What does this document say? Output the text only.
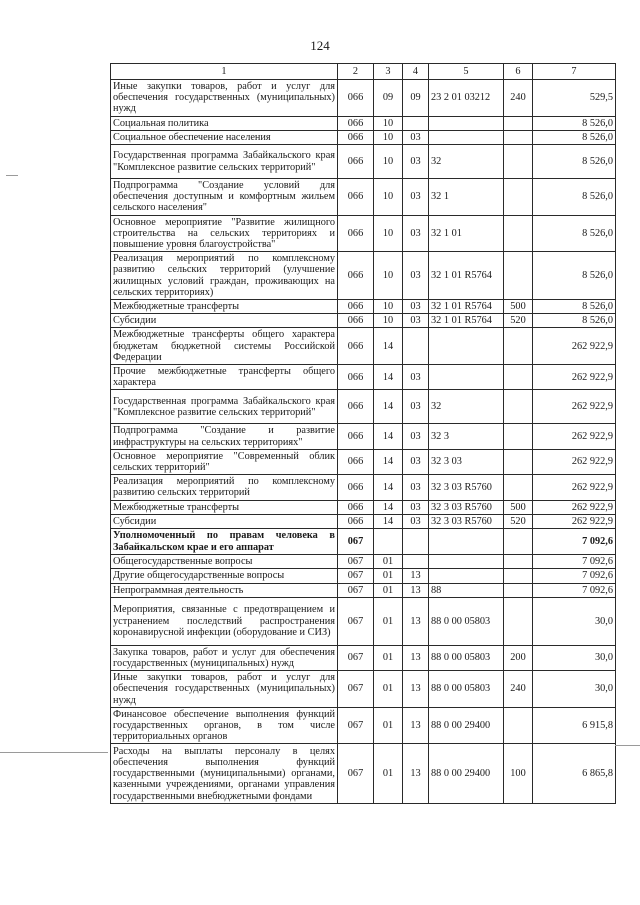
124
1	2	3	4	5	6	7
Иные закупки товаров, работ и услуг для обеспечения государственных (муниципальных) нужд	066	09	09	23 2 01 03212	240	529,5
Социальная политика	066	10				8 526,0
Социальное обеспечение населения	066	10	03			8 526,0
Государственная программа Забайкальского края "Комплексное развитие сельских территорий"	066	10	03	32		8 526,0
Подпрограмма "Создание условий для обеспечения доступным и комфортным жильем сельского населения"	066	10	03	32 1		8 526,0
Основное мероприятие "Развитие жилищного строительства на сельских территориях и повышение уровня благоустройства"	066	10	03	32 1 01		8 526,0
Реализация мероприятий по комплексному развитию сельских территорий (улучшение жилищных условий граждан, проживающих на сельских территориях)	066	10	03	32 1 01 R5764		8 526,0
Межбюджетные трансферты	066	10	03	32 1 01 R5764	500	8 526,0
Субсидии	066	10	03	32 1 01 R5764	520	8 526,0
Межбюджетные трансферты общего характера бюджетам бюджетной системы Российской Федерации	066	14				262 922,9
Прочие межбюджетные трансферты общего характера	066	14	03			262 922,9
Государственная программа Забайкальского края "Комплексное развитие сельских территорий"	066	14	03	32		262 922,9
Подпрограмма "Создание и развитие инфраструктуры на сельских территориях"	066	14	03	32 3		262 922,9
Основное мероприятие "Современный облик сельских территорий"	066	14	03	32 3 03		262 922,9
Реализация мероприятий по комплексному развитию сельских территорий	066	14	03	32 3 03 R5760		262 922,9
Межбюджетные трансферты	066	14	03	32 3 03 R5760	500	262 922,9
Субсидии	066	14	03	32 3 03 R5760	520	262 922,9
Уполномоченный по правам человека в Забайкальском крае и его аппарат	067					7 092,6
Общегосударственные вопросы	067	01				7 092,6
Другие общегосударственные вопросы	067	01	13			7 092,6
Непрограммная деятельность	067	01	13	88		7 092,6
Мероприятия, связанные с предотвращением и устранением последствий распространения коронавирусной инфекции (оборудование и СИЗ)	067	01	13	88 0 00 05803		30,0
Закупка товаров, работ и услуг для обеспечения государственных (муниципальных) нужд	067	01	13	88 0 00 05803	200	30,0
Иные закупки товаров, работ и услуг для обеспечения государственных (муниципальных) нужд	067	01	13	88 0 00 05803	240	30,0
Финансовое обеспечение выполнения функций государственных органов, в том числе территориальных органов	067	01	13	88 0 00 29400		6 915,8
Расходы на выплаты персоналу в целях обеспечения выполнения функций государственными (муниципальными) органами, казенными учреждениями, органами управления государственными внебюджетными фондами	067	01	13	88 0 00 29400	100	6 865,8
